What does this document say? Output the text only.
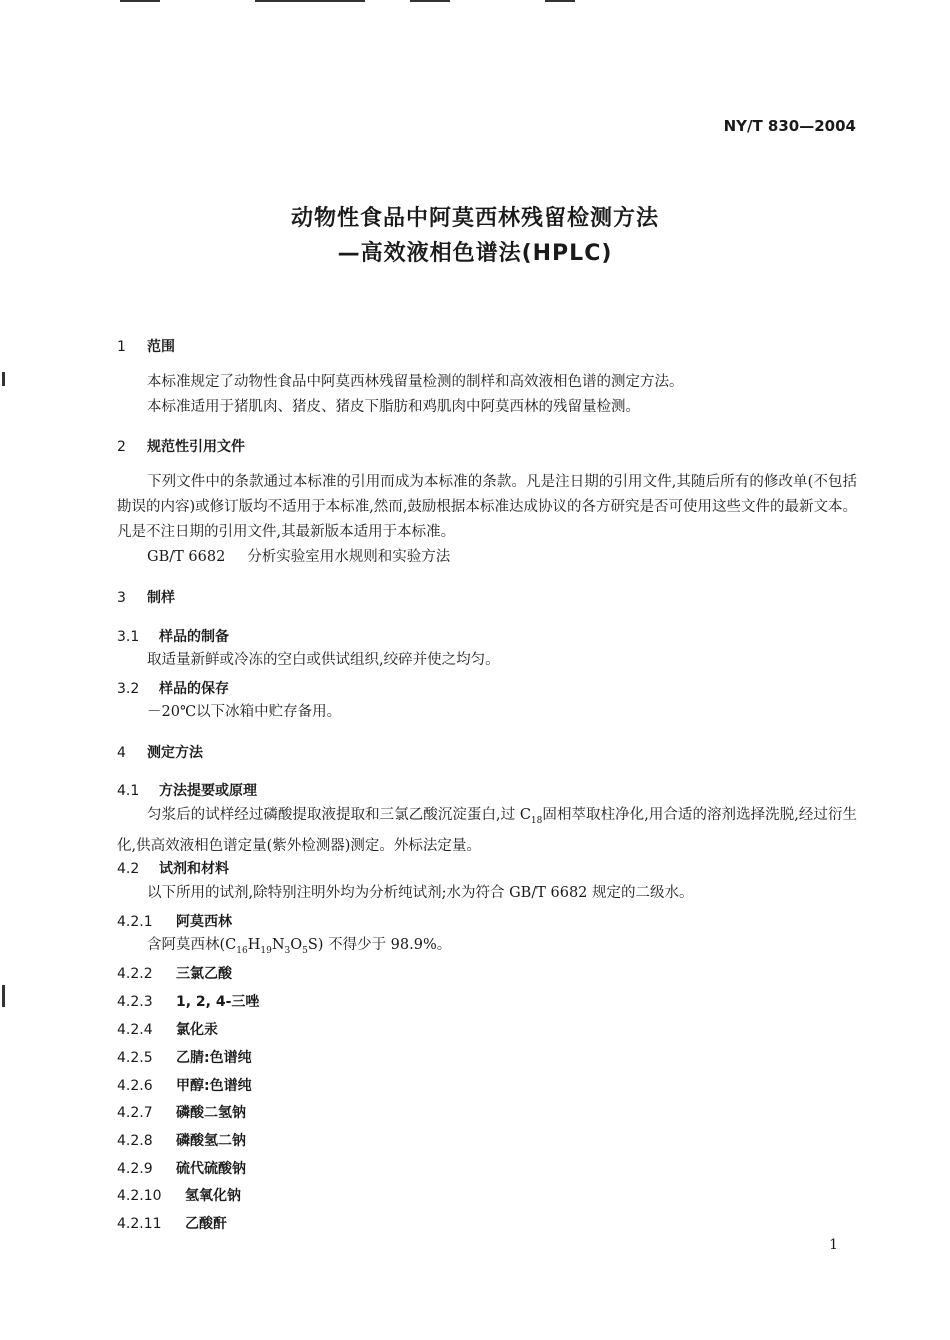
NY/T 830—2004
动物性食品中阿莫西林残留检测方法
—高效液相色谱法(HPLC)
1 范围
本标准规定了动物性食品中阿莫西林残留量检测的制样和高效液相色谱的测定方法。
本标准适用于猪肌肉、猪皮、猪皮下脂肪和鸡肌肉中阿莫西林的残留量检测。
2 规范性引用文件
下列文件中的条款通过本标准的引用而成为本标准的条款。凡是注日期的引用文件,其随后所有的修改单(不包括勘误的内容)或修订版均不适用于本标准,然而,鼓励根据本标准达成协议的各方研究是否可使用这些文件的最新文本。凡是不注日期的引用文件,其最新版本适用于本标准。
GB/T 6682 分析实验室用水规则和实验方法
3 制样
3.1 样品的制备
取适量新鲜或冷冻的空白或供试组织,绞碎并使之均匀。
3.2 样品的保存
－20℃以下冰箱中贮存备用。
4 测定方法
4.1 方法提要或原理
匀浆后的试样经过磷酸提取液提取和三氯乙酸沉淀蛋白,过 $C_{18}$固相萃取柱净化,用合适的溶剂选择洗脱,经过衍生化,供高效液相色谱定量(紫外检测器)测定。外标法定量。
4.2 试剂和材料
以下所用的试剂,除特别注明外均为分析纯试剂;水为符合 GB/T 6682 规定的二级水。
4.2.1 阿莫西林
含阿莫西林$(C_{16}H_{19}N_3O_5S)$ 不得少于 98.9%。
4.2.2 三氯乙酸
4.2.3 1, 2, 4-三唑
4.2.4 氯化汞
4.2.5 乙腈:色谱纯
4.2.6 甲醇:色谱纯
4.2.7 磷酸二氢钠
4.2.8 磷酸氢二钠
4.2.9 硫代硫酸钠
4.2.10 氢氧化钠
4.2.11 乙酸酐
1
